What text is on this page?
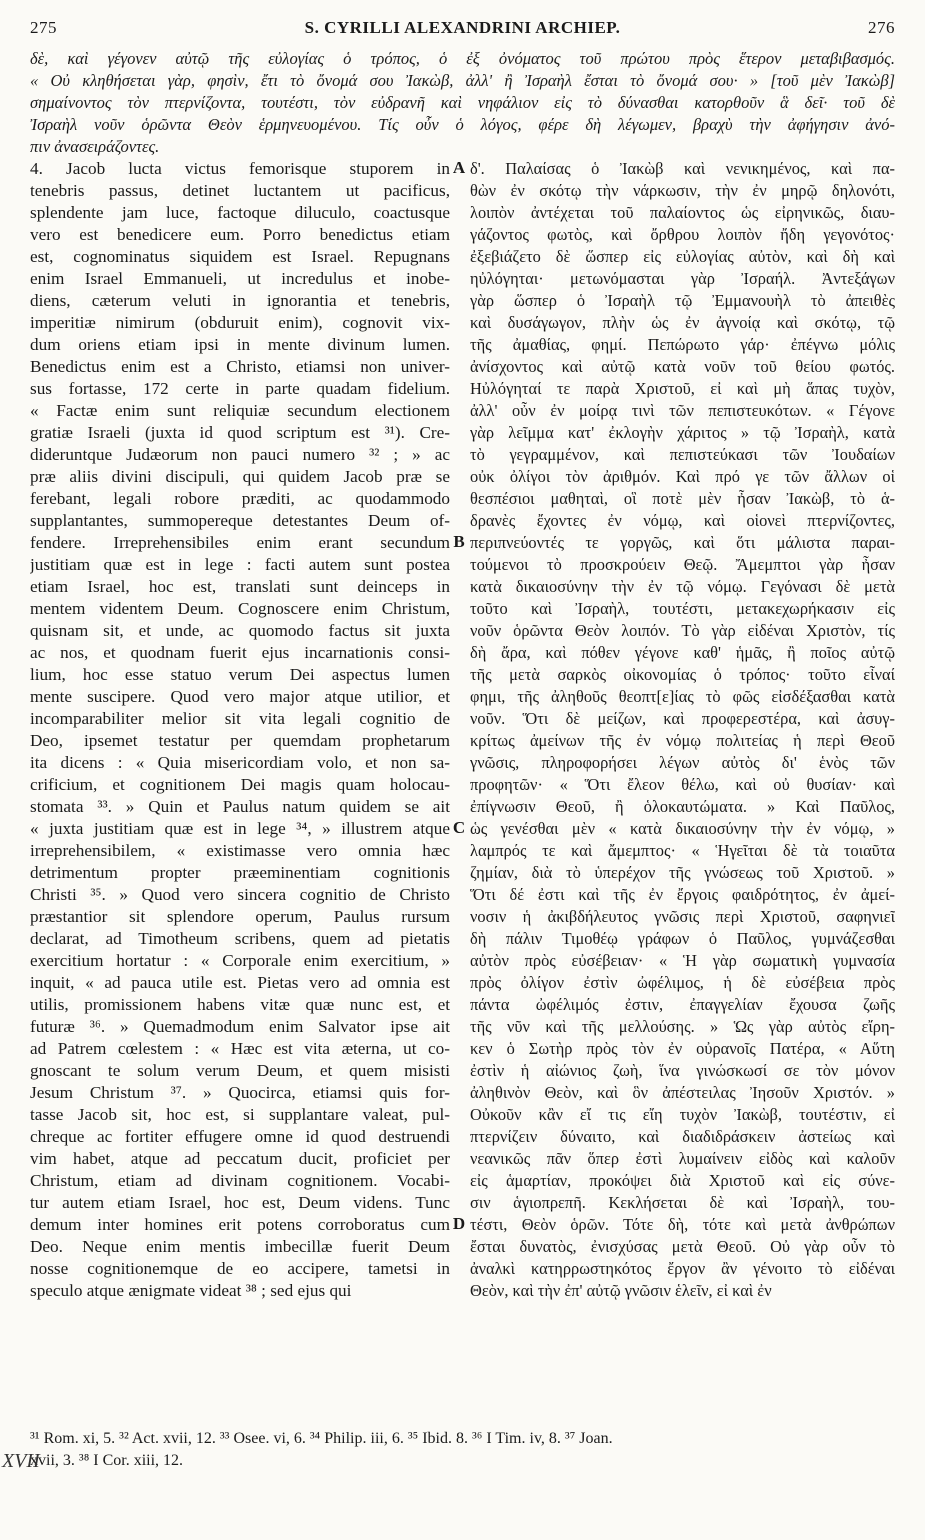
275	S. CYRILLI ALEXANDRINI ARCHIEP.	276
δὲ, καὶ γέγονεν αὐτῷ τῆς εὐλογίας ὁ τρόπος, ὁ ἐξ ὀνόματος τοῦ πρώτου πρὸς ἕτερον μεταβιβασμός.
« Οὐ κληθήσεται γὰρ, φησὶν, ἔτι τὸ ὄνομά σου Ἰακὼβ, ἀλλ' ἢ Ἰσραὴλ ἔσται τὸ ὄνομά σου· » [τοῦ μὲν Ἰακὼβ]
σημαίνοντος τὸν πτερνίζοντα, τουτέστι, τὸν εὐδρανῆ καὶ νηφάλιον εἰς τὸ δύνασθαι κατορθοῦν ἃ δεῖ· τοῦ δὲ
Ἰσραὴλ νοῦν ὁρῶντα Θεὸν ἑρμηνευομένου. Τίς οὖν ὁ λόγος, φέρε δὴ λέγωμεν, βραχὺ τὴν ἀφήγησιν ἀνό-
πιν ἀνασειράζοντες.
4. Jacob lucta victus femorisque stuporem in
tenebris passus, detinet luctantem ut pacificus,
splendente jam luce, factoque diluculo, coactusque
vero est benedicere eum. Porro benedictus etiam
est, cognominatus siquidem est Israel. Repugnans
enim Israel Emmanueli, ut incredulus et inobe-
diens, cæterum veluti in ignorantia et tenebris,
imperitiæ nimirum (obduruit enim), cognovit vix-
dum oriens etiam ipsi in mente divinum lumen.
Benedictus enim est a Christo, etiamsi non univer-
sus fortasse, 172 certe in parte quadam fidelium.
« Factæ enim sunt reliquiæ secundum electionem
gratiæ Israeli (juxta id quod scriptum est ³¹). Cre-
dideruntque Judæorum non pauci numero ³² ; » ac
præ aliis divini discipuli, qui quidem Jacob præ se
ferebant, legali robore præditi, ac quodammodo
supplantantes, summopereque detestantes Deum of-
fendere. Irreprehensibiles enim erant secundum
justitiam quæ est in lege : facti autem sunt postea
etiam Israel, hoc est, translati sunt deinceps in
mentem videntem Deum. Cognoscere enim Christum,
quisnam sit, et unde, ac quomodo factus sit juxta
ac nos, et quodnam fuerit ejus incarnationis consi-
lium, hoc esse statuo verum Dei aspectus lumen
mente suscipere. Quod vero major atque utilior, et
incomparabiliter melior sit vita legali cognitio de
Deo, ipsemet testatur per quemdam prophetarum
ita dicens : « Quia misericordiam volo, et non sa-
crificium, et cognitionem Dei magis quam holocau-
stomata ³³. » Quin et Paulus natum quidem se ait
« juxta justitiam quæ est in lege ³⁴, » illustrem atque
irreprehensibilem, « existimasse vero omnia hæc
detrimentum propter præeminentiam cognitionis
Christi ³⁵. » Quod vero sincera cognitio de Christo
præstantior sit splendore operum, Paulus rursum
declarat, ad Timotheum scribens, quem ad pietatis
exercitium hortatur : « Corporale enim exercitium, »
inquit, « ad pauca utile est. Pietas vero ad omnia est
utilis, promissionem habens vitæ quæ nunc est, et
futuræ ³⁶. » Quemadmodum enim Salvator ipse ait
ad Patrem cœlestem : « Hæc est vita æterna, ut co-
gnoscant te solum verum Deum, et quem misisti
Jesum Christum ³⁷. » Quocirca, etiamsi quis for-
tasse Jacob sit, hoc est, si supplantare valeat, pul-
chreque ac fortiter effugere omne id quod destruendi
vim habet, atque ad peccatum ducit, proficiet per
Christum, etiam ad divinam cognitionem. Vocabi-
tur autem etiam Israel, hoc est, Deum videns. Tunc
demum inter homines erit potens corroboratus cum
Deo. Neque enim mentis imbecillæ fuerit Deum
nosse cognitionemque de eo accipere, tametsi in
speculo atque ænigmate videat ³⁸ ; sed ejus qui
δ'. Παλαίσας ὁ Ἰακὼβ καὶ νενικημένος, καὶ πα-
θὼν ἐν σκότῳ τὴν νάρκωσιν, τὴν ἐν μηρῷ δηλονότι,
λοιπὸν ἀντέχεται τοῦ παλαίοντος ὡς εἰρηνικῶς, διαυ-
γάζοντος φωτὸς, καὶ ὄρθρου λοιπὸν ἤδη γεγονότος·
ἐξεβιάζετο δὲ ὥσπερ εἰς εὐλογίας αὐτὸν, καὶ δὴ καὶ
ηὐλόγηται· μετωνόμασται γὰρ Ἰσραήλ. Ἀντεξάγων
γὰρ ὥσπερ ὁ Ἰσραὴλ τῷ Ἐμμανουὴλ τὸ ἀπειθὲς
καὶ δυσάγωγον, πλὴν ὡς ἐν ἀγνοίᾳ καὶ σκότῳ, τῷ
τῆς ἀμαθίας, φημί. Πεπώρωτο γάρ· ἐπέγνω μόλις
ἀνίσχοντος καὶ αὐτῷ κατὰ νοῦν τοῦ θείου φωτός.
Ηὐλόγηταί τε παρὰ Χριστοῦ, εἰ καὶ μὴ ἅπας τυχὸν,
ἀλλ' οὖν ἐν μοίρᾳ τινὶ τῶν πεπιστευκότων. « Γέγονε
γὰρ λεῖμμα κατ' ἐκλογὴν χάριτος » τῷ Ἰσραὴλ, κατὰ
τὸ γεγραμμένον, καὶ πεπιστεύκασι τῶν Ἰουδαίων
οὐκ ὀλίγοι τὸν ἀριθμόν. Καὶ πρό γε τῶν ἄλλων οἱ
θεσπέσιοι μαθηταὶ, οἳ ποτὲ μὲν ἦσαν Ἰακὼβ, τὸ ἁ-
δρανὲς ἔχοντες ἐν νόμῳ, καὶ οἱονεὶ πτερνίζοντες,
περιπνεύοντές τε γοργῶς, καὶ ὅτι μάλιστα παραι-
τούμενοι τὸ προσκρούειν Θεῷ. Ἄμεμπτοι γὰρ ἦσαν
κατὰ δικαιοσύνην τὴν ἐν τῷ νόμῳ. Γεγόνασι δὲ μετὰ
τοῦτο καὶ Ἰσραὴλ, τουτέστι, μετακεχωρήκασιν εἰς
νοῦν ὁρῶντα Θεὸν λοιπόν. Τὸ γὰρ εἰδέναι Χριστὸν, τίς
δὴ ἄρα, καὶ πόθεν γέγονε καθ' ἡμᾶς, ἢ ποῖος αὐτῷ
τῆς μετὰ σαρκὸς οἰκονομίας ὁ τρόπος· τοῦτο εἶναί
φημι, τῆς ἀληθοῦς θεοπτ[ε]ίας τὸ φῶς εἰσδέξασθαι κατὰ
νοῦν. Ὅτι δὲ μείζων, καὶ προφερεστέρα, καὶ ἀσυγ-
κρίτως ἀμείνων τῆς ἐν νόμῳ πολιτείας ἡ περὶ Θεοῦ
γνῶσις, πληροφορήσει λέγων αὐτὸς δι' ἑνὸς τῶν
προφητῶν· « Ὅτι ἔλεον θέλω, καὶ οὐ θυσίαν· καὶ
ἐπίγνωσιν Θεοῦ, ἢ ὁλοκαυτώματα. » Καὶ Παῦλος,
ὡς γενέσθαι μὲν « κατὰ δικαιοσύνην τὴν ἐν νόμῳ, »
λαμπρός τε καὶ ἄμεμπτος· « Ἡγεῖται δὲ τὰ τοιαῦτα
ζημίαν, διὰ τὸ ὑπερέχον τῆς γνώσεως τοῦ Χριστοῦ. »
Ὅτι δέ ἐστι καὶ τῆς ἐν ἔργοις φαιδρότητος, ἐν ἀμεί-
νοσιν ἡ ἀκιβδήλευτος γνῶσις περὶ Χριστοῦ, σαφηνιεῖ
δὴ πάλιν Τιμοθέῳ γράφων ὁ Παῦλος, γυμνάζεσθαι
αὐτὸν πρὸς εὐσέβειαν· « Ἡ γὰρ σωματικὴ γυμνασία
πρὸς ὀλίγον ἐστὶν ὠφέλιμος, ἡ δὲ εὐσέβεια πρὸς
πάντα ὠφέλιμός ἐστιν, ἐπαγγελίαν ἔχουσα ζωῆς
τῆς νῦν καὶ τῆς μελλούσης. » Ὡς γὰρ αὐτὸς εἴρη-
κεν ὁ Σωτὴρ πρὸς τὸν ἐν οὐρανοῖς Πατέρα, « Αὕτη
ἐστὶν ἡ αἰώνιος ζωὴ, ἵνα γινώσκωσί σε τὸν μόνον
ἀληθινὸν Θεὸν, καὶ ὃν ἀπέστειλας Ἰησοῦν Χριστόν. »
Οὐκοῦν κἂν εἴ τις εἴη τυχὸν Ἰακὼβ, τουτέστιν, εἰ
πτερνίζειν δύναιτο, καὶ διαδιδράσκειν ἀστείως καὶ
νεανικῶς πᾶν ὅπερ ἐστὶ λυμαίνειν εἰδὸς καὶ καλοῦν
εἰς ἁμαρτίαν, προκόψει διὰ Χριστοῦ καὶ εἰς σύνε-
σιν ἁγιοπρεπῆ. Κεκλήσεται δὲ καὶ Ἰσραὴλ, του-
τέστι, Θεὸν ὁρῶν. Τότε δὴ, τότε καὶ μετὰ ἀνθρώπων
ἔσται δυνατὸς, ἐνισχύσας μετὰ Θεοῦ. Οὐ γὰρ οὖν τὸ
ἀναλκὶ κατηρρωστηκότος ἔργον ἂν γένοιτο τὸ εἰδέναι
Θεὸν, καὶ τὴν ἐπ' αὐτῷ γνῶσιν ἑλεῖν, εἰ καὶ ἐν
A
B
C
D
³¹ Rom. xi, 5. ³² Act. xvii, 12. ³³ Osee. vi, 6. ³⁴ Philip. iii, 6. ³⁵ Ibid. 8. ³⁶ I Tim. iv, 8. ³⁷ Joan.
xvii, 3. ³⁸ I Cor. xiii, 12.
XVII
